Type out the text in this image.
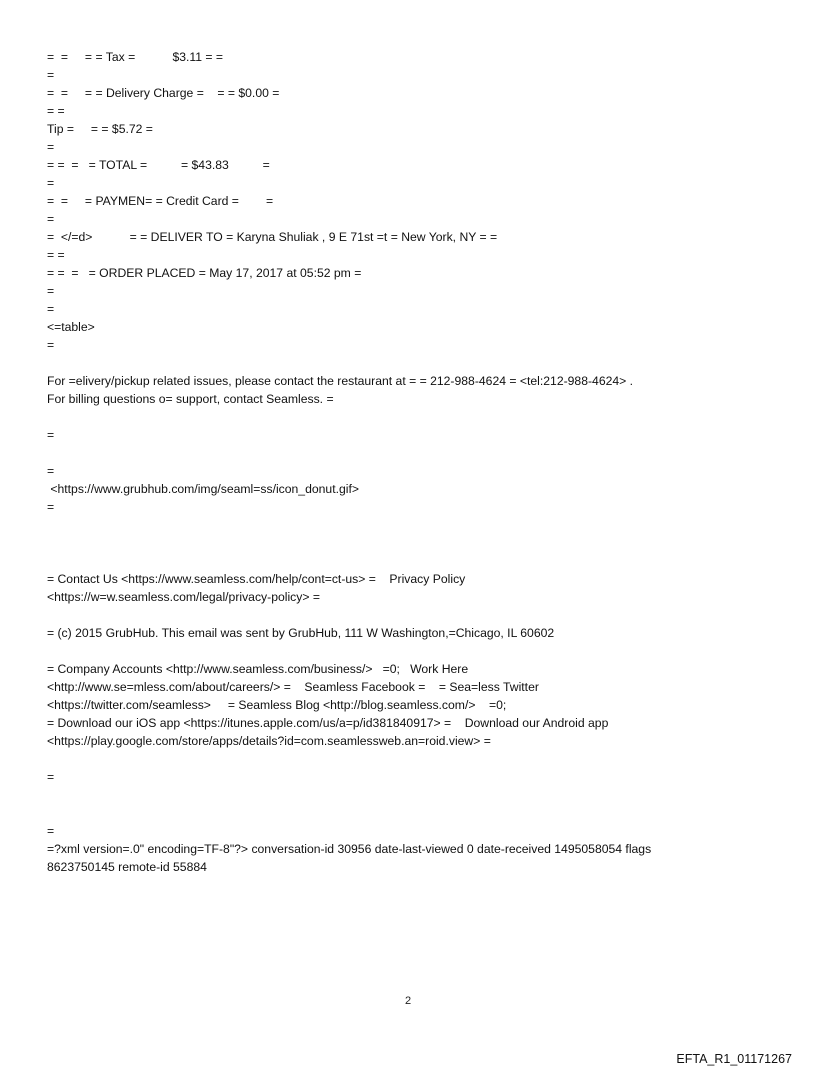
=  =     = = Tax =           $3.11 = =
=
=  =     = = Delivery Charge =    = = $0.00 =
= =
Tip =     = = $5.72 =
=
= =  =   = TOTAL =          = $43.83          =
=
=  =     = PAYMEN= = Credit Card =        =
=
=  </=d>           = = DELIVER TO = Karyna Shuliak , 9 E 71st =t = New York, NY = =
= =
= =  =   = ORDER PLACED = May 17, 2017 at 05:52 pm =
=
=
<=table>
=
For =elivery/pickup related issues, please contact the restaurant at = = 212-988-4624 = <tel:212-988-4624> .
For billing questions o= support, contact Seamless. =
=
=
<https://www.grubhub.com/img/seaml=ss/icon_donut.gif>
=
= Contact Us <https://www.seamless.com/help/cont=ct-us> =    Privacy Policy
<https://w=w.seamless.com/legal/privacy-policy> =
= (c) 2015 GrubHub. This email was sent by GrubHub, 111 W Washington,=Chicago, IL 60602
= Company Accounts <http://www.seamless.com/business/>   =0;   Work Here
<http://www.se=mless.com/about/careers/> =    Seamless Facebook =    = Sea=less Twitter
<https://twitter.com/seamless>     = Seamless Blog <http://blog.seamless.com/>    =0;
= Download our iOS app <https://itunes.apple.com/us/a=p/id381840917> =    Download our Android app
<https://play.google.com/store/apps/details?id=com.seamlessweb.an=roid.view> =
=
=
=?xml version=.0" encoding=TF-8"?> conversation-id 30956 date-last-viewed 0 date-received 1495058054 flags
8623750145 remote-id 55884
2
EFTA_R1_01171267
